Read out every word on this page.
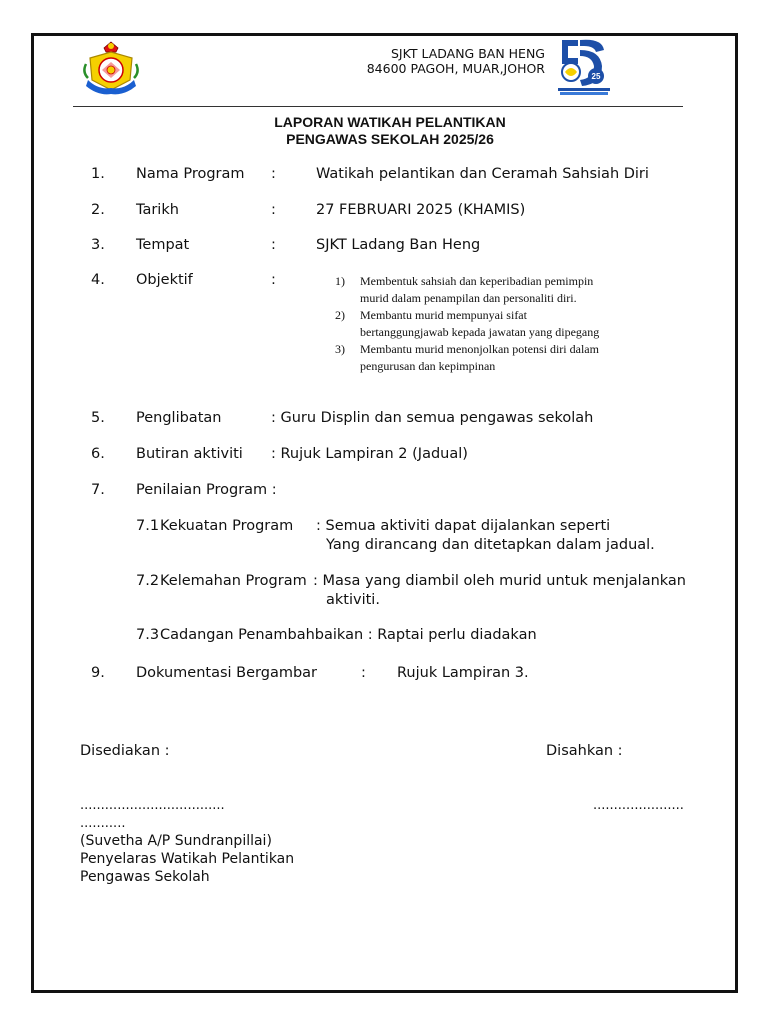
SJKT LADANG BAN HENG
84600 PAGOH, MUAR,JOHOR
25
LAPORAN WATIKAH PELANTIKAN
PENGAWAS SEKOLAH 2025/26
1. Nama Program :	Watikah pelantikan dan Ceramah Sahsiah Diri
2. Tarikh	:	27 FEBRUARI 2025 (KHAMIS)
3. Tempat	:	SJKT Ladang Ban Heng
4. Objektif	:	1) Membentuk sahsiah dan keperibadian pemimpin
murid dalam penampilan dan personaliti diri.
2) Membantu murid mempunyai sifat
bertanggungjawab kepada jawatan yang dipegang
3) Membantu murid menonjolkan potensi diri dalam
pengurusan dan kepimpinan
5. Penglibatan	: Guru Displin dan semua pengawas sekolah
6. Butiran aktiviti : Rujuk Lampiran 2 (Jadual)
7. Penilaian Program :
7.1 Kekuatan Program : Semua aktiviti dapat dijalankan seperti
Yang dirancang dan ditetapkan dalam jadual.
7.2 Kelemahan Program : Masa yang diambil oleh murid untuk menjalankan
aktiviti.
7.3 Cadangan Penambahbaikan : Raptai perlu diadakan
9. Dokumentasi Bergambar	: Rujuk Lampiran 3.
Disediakan :	Disahkan :
...................................
...........
......................
(Suvetha A/P Sundranpillai)
Penyelaras Watikah Pelantikan
Pengawas Sekolah
